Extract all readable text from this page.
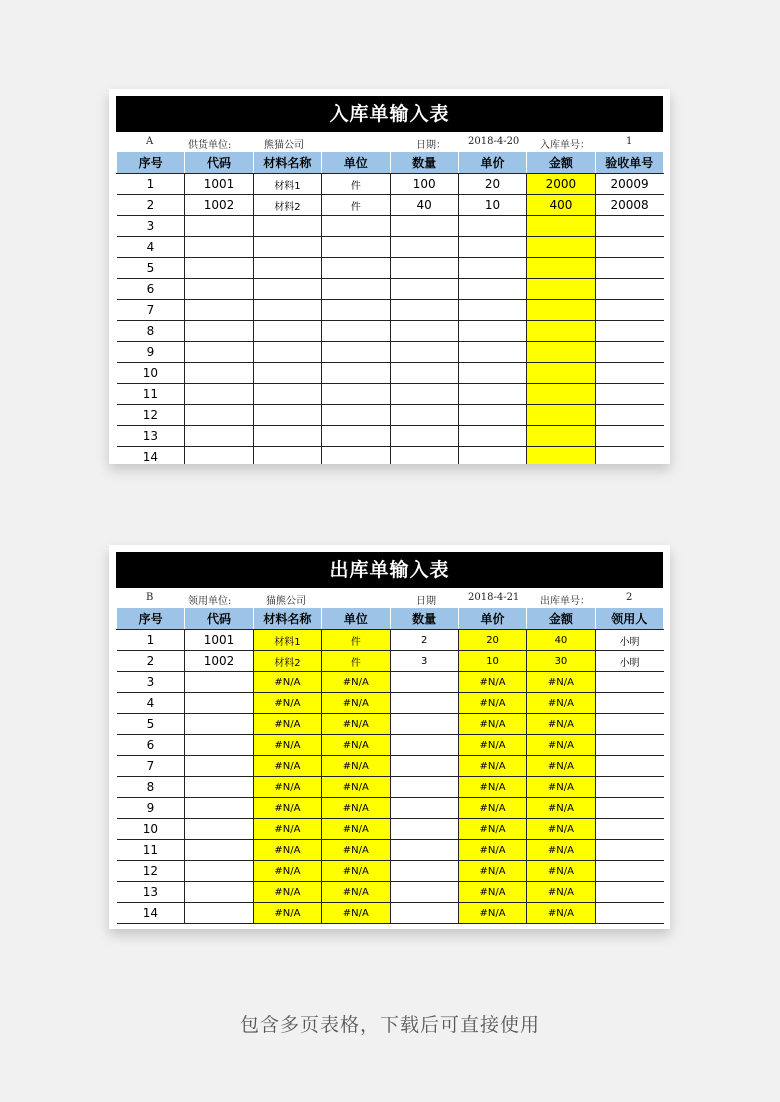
入库单输入表
A	供货单位:	熊猫公司	日期： 2018-4-20 入库单号：	1
序号	代码	材料名称	单位	数量	单价	金额	验收单号
1	1001	材料1	件	100	20	2000	20009
2	1002	材料2	件	40	10	400	20008
3							
4							
5							
6							
7							
8							
9							
10							
11							
12							
13							
14							
出库单输入表
B	领用单位:	猫熊公司	日期	2018-4-21 出库单号：	2
序号	代码	材料名称	单位	数量	单价	金额	领用人
1	1001	材料1	件	2	20	40	小明
2	1002	材料2	件	3	10	30	小明
3		#N/A	#N/A		#N/A	#N/A	
4		#N/A	#N/A		#N/A	#N/A	
5		#N/A	#N/A		#N/A	#N/A	
6		#N/A	#N/A		#N/A	#N/A	
7		#N/A	#N/A		#N/A	#N/A	
8		#N/A	#N/A		#N/A	#N/A	
9		#N/A	#N/A		#N/A	#N/A	
10		#N/A	#N/A		#N/A	#N/A	
11		#N/A	#N/A		#N/A	#N/A	
12		#N/A	#N/A		#N/A	#N/A	
13		#N/A	#N/A		#N/A	#N/A	
14		#N/A	#N/A		#N/A	#N/A	
包含多页表格，下载后可直接使用
